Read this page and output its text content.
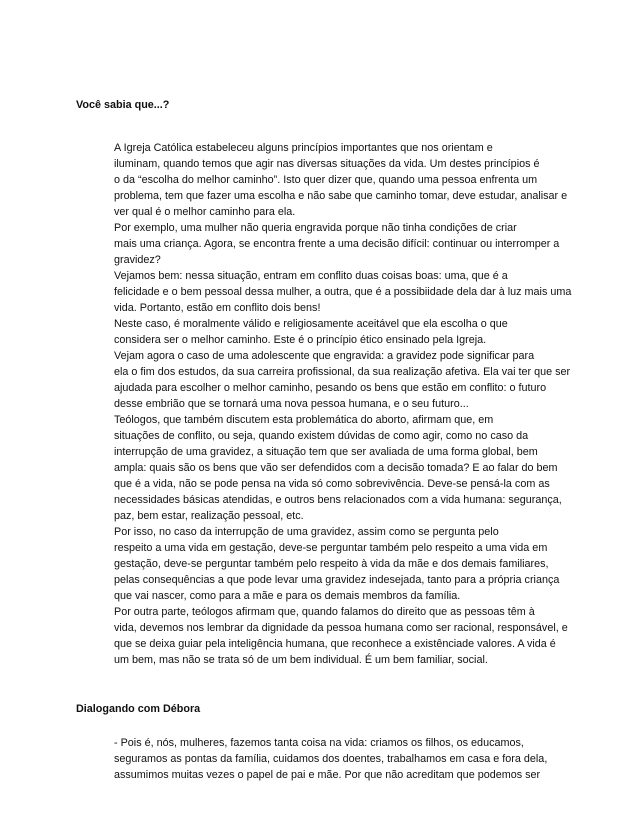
Você sabia que...?

A Igreja Católica estabeleceu alguns princípios importantes que nos orientam e
iluminam, quando temos que agir nas diversas situações da vida. Um destes princípios é
o da “escolha do melhor caminho”. Isto quer dizer que, quando uma pessoa enfrenta um
problema, tem que fazer uma escolha e não sabe que caminho tomar, deve estudar, analisar e
ver qual é o melhor caminho para ela.

Por exemplo, uma mulher não queria engravida porque não tinha condições de criar
mais uma criança. Agora, se encontra frente a uma decisão difícil: continuar ou interromper a
gravidez?

Vejamos bem: nessa situação, entram em conflito duas coisas boas: uma, que é a
felicidade e o bem pessoal dessa mulher, a outra, que é a possibiidade dela dar à luz mais uma
vida. Portanto, estão em conflito dois bens!

Neste caso, é moralmente válido e religiosamente aceitável que ela escolha o que
considera ser o melhor caminho. Este é o princípio ético ensinado pela Igreja.

Vejam agora o caso de uma adolescente que engravida: a gravidez pode significar para
ela o fim dos estudos, da sua carreira profissional, da sua realização afetiva. Ela vai ter que ser
ajudada para escolher o melhor caminho, pesando os bens que estão em conflito: o futuro
desse embrião que se tornará uma nova pessoa humana, e o seu futuro...

Teólogos, que também discutem esta problemática do aborto, afirmam que, em
situações de conflito, ou seja, quando existem dúvidas de como agir, como no caso da
interrupção de uma gravidez, a situação tem que ser avaliada de uma forma global, bem
ampla: quais são os bens que vão ser defendidos com a decisão tomada? E ao falar do bem
que é a vida, não se pode pensa na vida só como sobrevivência. Deve-se pensá-la com as
necessidades básicas atendidas, e outros bens relacionados com a vida humana: segurança,
paz, bem estar, realização pessoal, etc.

Por isso, no caso da interrupção de uma gravidez, assim como se pergunta pelo
respeito a uma vida em gestação, deve-se perguntar também pelo respeito a uma vida em
gestação, deve-se perguntar também pelo respeito à vida da mãe e dos demais familiares,
pelas consequências a que pode levar uma gravidez indesejada, tanto para a própria criança
que vai nascer, como para a mãe e para os demais membros da família.

Por outra parte, teólogos afirmam que, quando falamos do direito que as pessoas têm à
vida, devemos nos lembrar da dignidade da pessoa humana como ser racional, responsável, e
que se deixa guiar pela inteligência humana, que reconhece a existênciade valores. A vida é
um bem, mas não se trata só de um bem individual. É um bem familiar, social.

Dialogando com Débora

- Pois é, nós, mulheres, fazemos tanta coisa na vida: criamos os filhos, os educamos,
seguramos as pontas da família, cuidamos dos doentes, trabalhamos em casa e fora dela,
assumimos muitas vezes o papel de pai e mãe. Por que não acreditam que podemos ser
